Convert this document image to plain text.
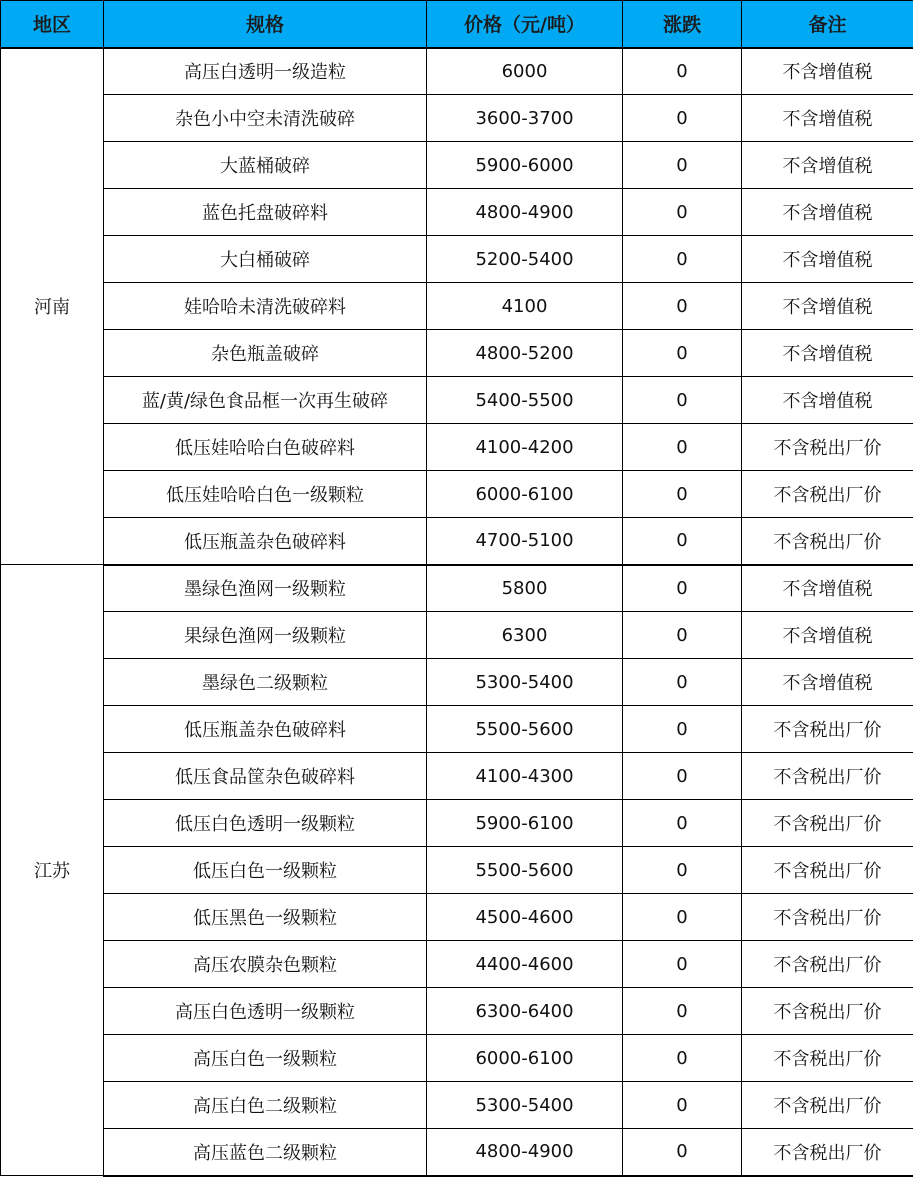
地区	规格	价格（元/吨）	涨跌	备注
河南	高压白透明一级造粒	6000	0	不含增值税
	杂色小中空未清洗破碎	3600-3700	0	不含增值税
	大蓝桶破碎	5900-6000	0	不含增值税
	蓝色托盘破碎料	4800-4900	0	不含增值税
	大白桶破碎	5200-5400	0	不含增值税
	娃哈哈未清洗破碎料	4100	0	不含增值税
	杂色瓶盖破碎	4800-5200	0	不含增值税
	蓝/黄/绿色食品框一次再生破碎	5400-5500	0	不含增值税
	低压娃哈哈白色破碎料	4100-4200	0	不含税出厂价
	低压娃哈哈白色一级颗粒	6000-6100	0	不含税出厂价
	低压瓶盖杂色破碎料	4700-5100	0	不含税出厂价
江苏	墨绿色渔网一级颗粒	5800	0	不含增值税
	果绿色渔网一级颗粒	6300	0	不含增值税
	墨绿色二级颗粒	5300-5400	0	不含增值税
	低压瓶盖杂色破碎料	5500-5600	0	不含税出厂价
	低压食品筐杂色破碎料	4100-4300	0	不含税出厂价
	低压白色透明一级颗粒	5900-6100	0	不含税出厂价
	低压白色一级颗粒	5500-5600	0	不含税出厂价
	低压黑色一级颗粒	4500-4600	0	不含税出厂价
	高压农膜杂色颗粒	4400-4600	0	不含税出厂价
	高压白色透明一级颗粒	6300-6400	0	不含税出厂价
	高压白色一级颗粒	6000-6100	0	不含税出厂价
	高压白色二级颗粒	5300-5400	0	不含税出厂价
	高压蓝色二级颗粒	4800-4900	0	不含税出厂价
